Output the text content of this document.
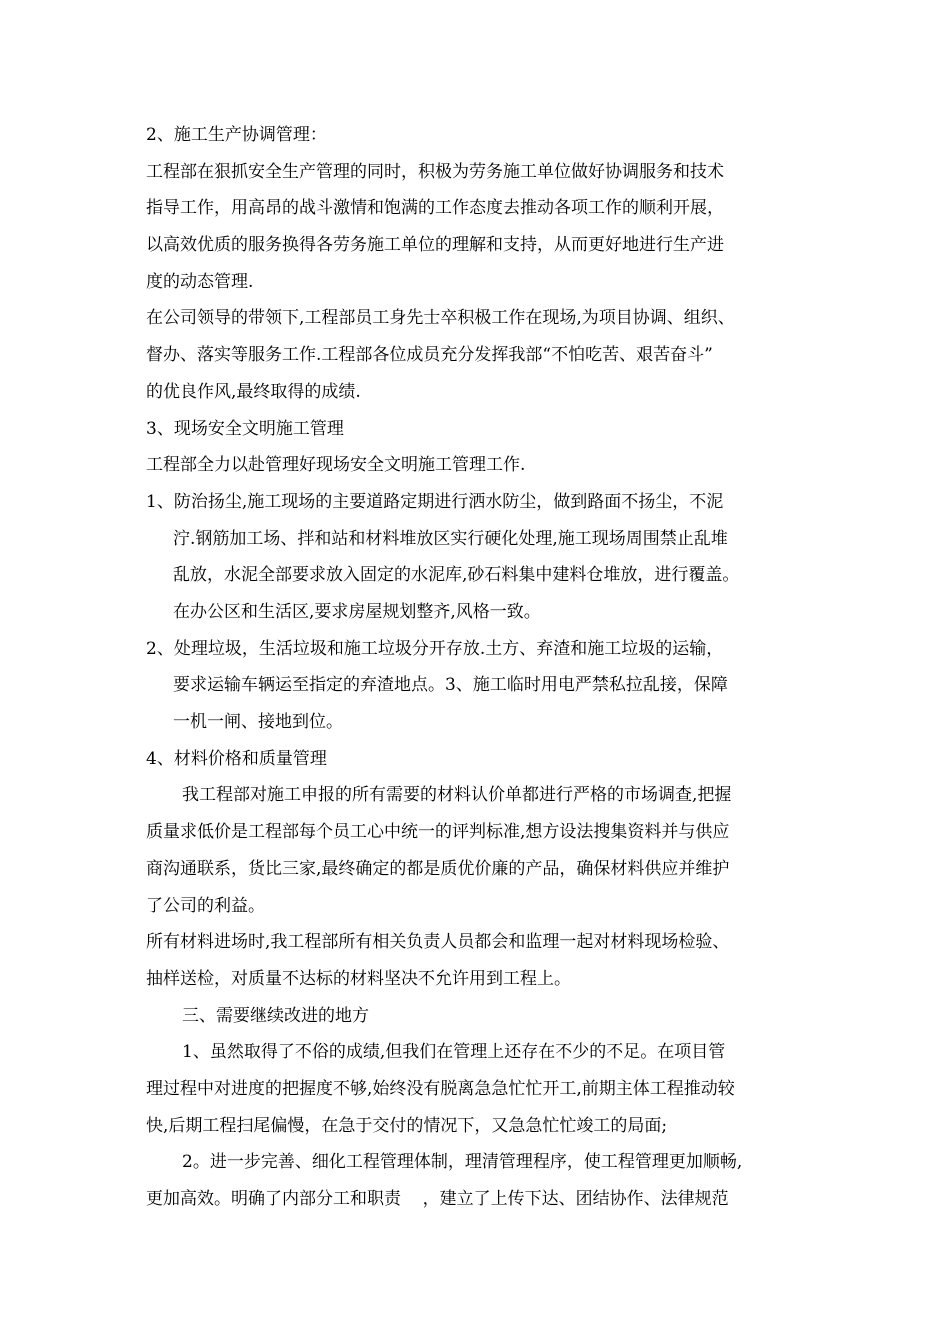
2、施工生产协调管理：
工程部在狠抓安全生产管理的同时，积极为劳务施工单位做好协调服务和技术
指导工作，用高昂的战斗激情和饱满的工作态度去推动各项工作的顺利开展，
以高效优质的服务换得各劳务施工单位的理解和支持，从而更好地进行生产进
度的动态管理.
在公司领导的带领下,工程部员工身先士卒积极工作在现场,为项目协调、组织、
督办、落实等服务工作.工程部各位成员充分发挥我部“不怕吃苦、艰苦奋斗”
的优良作风,最终取得的成绩.
3、现场安全文明施工管理
工程部全力以赴管理好现场安全文明施工管理工作.
1、防治扬尘,施工现场的主要道路定期进行洒水防尘，做到路面不扬尘，不泥
泞.钢筋加工场、拌和站和材料堆放区实行硬化处理,施工现场周围禁止乱堆
乱放，水泥全部要求放入固定的水泥库,砂石料集中建料仓堆放，进行覆盖。
在办公区和生活区,要求房屋规划整齐,风格一致。
2、处理垃圾，生活垃圾和施工垃圾分开存放.土方、弃渣和施工垃圾的运输，
要求运输车辆运至指定的弃渣地点。3、施工临时用电严禁私拉乱接，保障
一机一闸、接地到位。
4、材料价格和质量管理
我工程部对施工申报的所有需要的材料认价单都进行严格的市场调查,把握
质量求低价是工程部每个员工心中统一的评判标准,想方设法搜集资料并与供应
商沟通联系，货比三家,最终确定的都是质优价廉的产品，确保材料供应并维护
了公司的利益。
所有材料进场时,我工程部所有相关负责人员都会和监理一起对材料现场检验、
抽样送检，对质量不达标的材料坚决不允许用到工程上。
三、需要继续改进的地方
1、虽然取得了不俗的成绩,但我们在管理上还存在不少的不足。在项目管
理过程中对进度的把握度不够,始终没有脱离急急忙忙开工,前期主体工程推动较
快,后期工程扫尾偏慢，在急于交付的情况下，又急急忙忙竣工的局面;
2。进一步完善、细化工程管理体制，理清管理程序，使工程管理更加顺畅,
更加高效。明确了内部分工和职责    ，建立了上传下达、团结协作、法律规范
